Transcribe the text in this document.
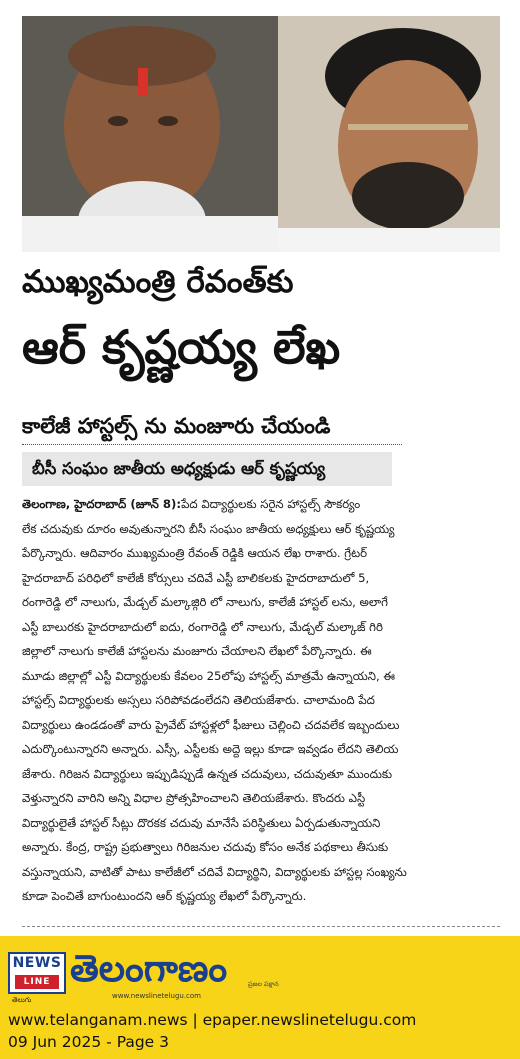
ముఖ్యమంత్రి రేవంత్‌కు
ఆర్ కృష్ణయ్య లేఖ
కాలేజీ హాస్టల్స్ ను మంజూరు చేయండి
బీసీ సంఘం జాతీయ అధ్యక్షుడు ఆర్ కృష్ణయ్య
తెలంగాణ, హైదరాబాద్ (జూన్ 8):పేద విద్యార్థులకు సరైన హాస్టల్స్ సౌకర్యం
లేక చదువుకు దూరం అవుతున్నారని బీసీ సంఘం జాతీయ అధ్యక్షులు ఆర్ కృష్ణయ్య
పేర్కొన్నారు. ఆదివారం ముఖ్యమంత్రి రేవంత్ రెడ్డికి ఆయన లేఖ రాశారు. గ్రేటర్
హైదరాబాద్ పరిధిలో కాలేజీ కోర్సులు చదివే ఎస్టీ బాలికలకు హైదరాబాదులో 5,
రంగారెడ్డి లో నాలుగు, మేడ్చల్ మల్కాజ్గిరి లో నాలుగు, కాలేజీ హాస్టల్ లను, అలాగే
ఎస్టీ బాలురకు హైదరాబాదులో ఐదు, రంగారెడ్డి లో నాలుగు, మేడ్చల్ మల్కాజ్ గిరి
జిల్లాలో నాలుగు కాలేజీ హాస్టలను మంజూరు చేయాలని లేఖలో పేర్కొన్నారు. ఈ
మూడు జిల్లాల్లో ఎస్టీ విద్యార్థులకు కేవలం 25లోపు హాస్టల్స్ మాత్రమే ఉన్నాయని, ఈ
హాస్టల్స్ విద్యార్థులకు అస్సలు సరిపోవడంలేదని తెలియజేశారు. చాలామంది పేద
విద్యార్థులు ఉండడంతో వారు ప్రైవేట్ హాస్టళ్లలో ఫీజులు చెల్లించి చదవలేక ఇబ్బందులు
ఎదుర్కొంటున్నారని అన్నారు. ఎస్సీ, ఎస్టీలకు అద్దె ఇల్లు కూడా ఇవ్వడం లేదని తెలియ
జేశారు. గిరిజన విద్యార్థులు ఇప్పుడిప్పుడే ఉన్నత చదువులు, చదువుతూ ముందుకు
వెళ్తున్నారని వారిని అన్ని విధాల ప్రోత్సహించాలని తెలియజేశారు. కొందరు ఎస్టీ
విద్యార్థులైతే హాస్టల్ సీట్లు దొరకక చదువు మానేసే పరిస్థితులు ఏర్పడుతున్నాయని
అన్నారు. కేంద్ర, రాష్ట్ర ప్రభుత్వాలు గిరిజనుల చదువు కోసం అనేక పథకాలు తీసుకు
వస్తున్నాయని, వాటితో పాటు కాలేజీలో చదివే విద్యార్థిని, విద్యార్థులకు హాస్టల్ల సంఖ్యను
కూడా పెంచితే బాగుంటుందని ఆర్ కృష్ణయ్య లేఖలో పేర్కొన్నారు.
NEWS
LINE
తెలుగు
తెలంగాణం	ప్రజల పక్షాన
www.newslinetelugu.com
www.telanganam.news | epaper.newslinetelugu.com
09 Jun 2025 - Page 3
